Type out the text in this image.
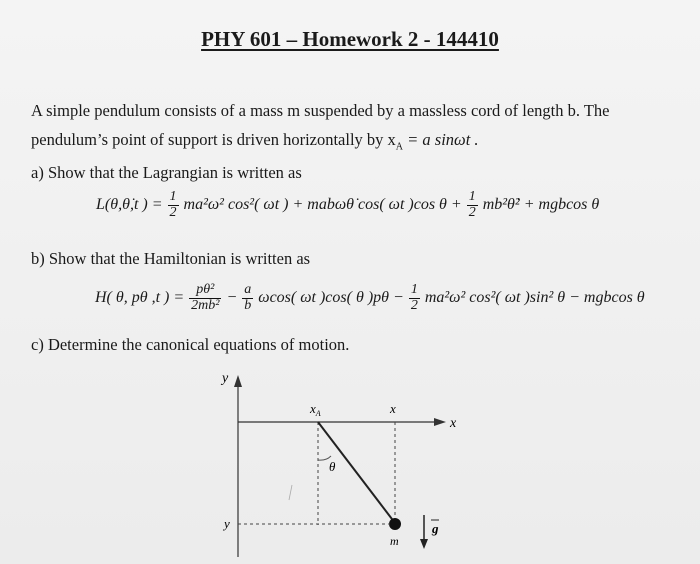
PHY 601 – Homework 2 - 144410
A simple pendulum consists of a mass m suspended by a massless cord of length b. The
pendulum’s point of support is driven horizontally by $x_A = a$ sinωt .
a) Show that the Lagrangian is written as
L(θ,θ̇,t ) = $\frac{1}{2} ma^2\omega^2$ cos²( ωt ) + mabωθ̇ cos( ωt )cos $\theta + \frac{1}{2}$ mb²θ̇² + mgbcos θ
b) Show that the Hamiltonian is written as
H( θ, pθ ,t ) = $\frac{\text{pθ²}}{\text{2mb²}} - \frac{a}{b} \omega\cos$( ωt )cos( θ )$p\theta - \frac{1}{2} ma^2\omega^2$ cos²( ωt )sin² θ − mgbcos θ
c) Determine the canonical equations of motion.
y
x
$x_A$	x
m
θ
y	g
